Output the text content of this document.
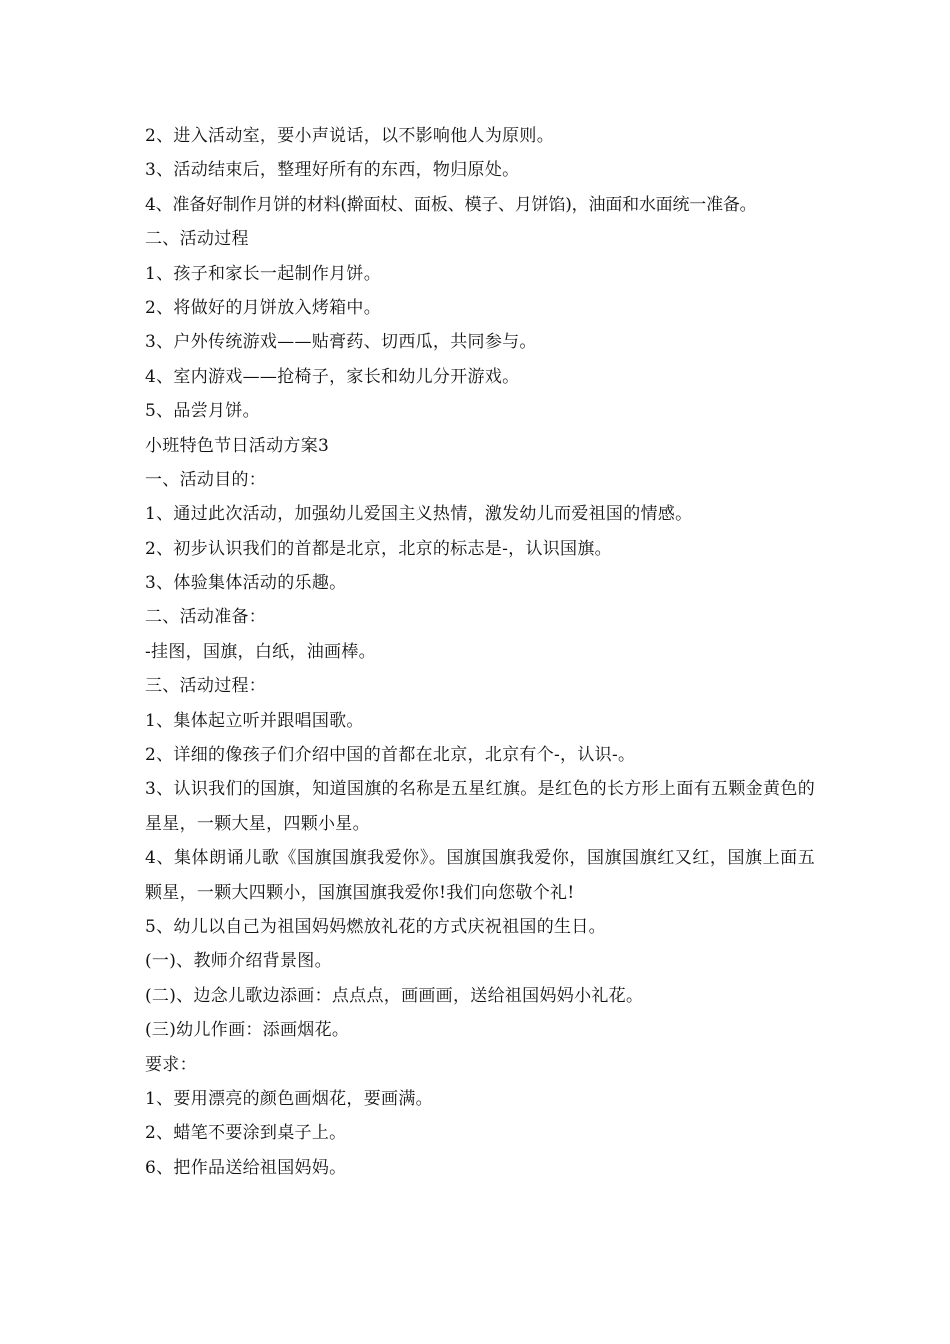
2、进入活动室，要小声说话，以不影响他人为原则。
3、活动结束后，整理好所有的东西，物归原处。
4、准备好制作月饼的材料(擀面杖、面板、模子、月饼馅)，油面和水面统一准备。
二、活动过程
1、孩子和家长一起制作月饼。
2、将做好的月饼放入烤箱中。
3、户外传统游戏——贴膏药、切西瓜，共同参与。
4、室内游戏——抢椅子，家长和幼儿分开游戏。
5、品尝月饼。
小班特色节日活动方案3
一、活动目的：
1、通过此次活动，加强幼儿爱国主义热情，激发幼儿而爱祖国的情感。
2、初步认识我们的首都是北京，北京的标志是-，认识国旗。
3、体验集体活动的乐趣。
二、活动准备：
-挂图，国旗，白纸，油画棒。
三、活动过程：
1、集体起立听并跟唱国歌。
2、详细的像孩子们介绍中国的首都在北京，北京有个-，认识-。
3、认识我们的国旗，知道国旗的名称是五星红旗。是红色的长方形上面有五颗金黄色的星星，一颗大星，四颗小星。
4、集体朗诵儿歌《国旗国旗我爱你》。国旗国旗我爱你，国旗国旗红又红，国旗上面五颗星，一颗大四颗小，国旗国旗我爱你!我们向您敬个礼!
5、幼儿以自己为祖国妈妈燃放礼花的方式庆祝祖国的生日。
(一)、教师介绍背景图。
(二)、边念儿歌边添画：点点点，画画画，送给祖国妈妈小礼花。
(三)幼儿作画：添画烟花。
要求：
1、要用漂亮的颜色画烟花，要画满。
2、蜡笔不要涂到桌子上。
6、把作品送给祖国妈妈。
